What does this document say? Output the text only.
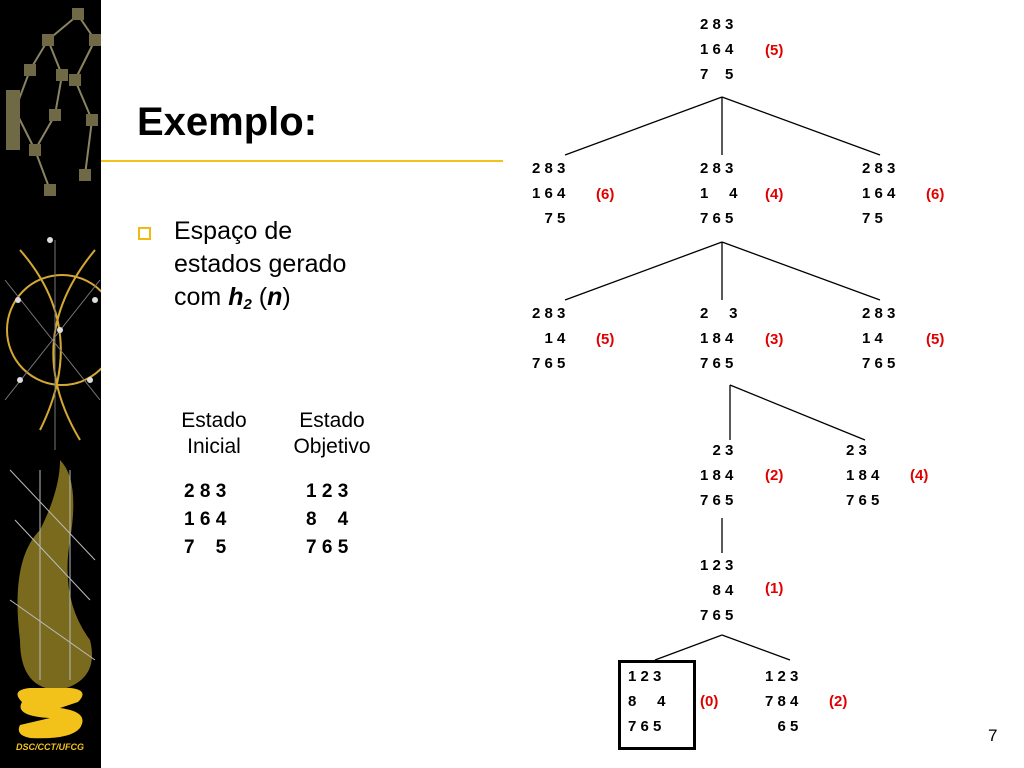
DSC/CCT/UFCG
Exemplo:
Espaço de
estados gerado
com $h_2$ (n)
Estado
Inicial
Estado
Objetivo
2 8 3
1 6 4
7    5
1 2 3
8    4
7 6 5
2 8 3
1 6 4
7    5
(5)
2 8 3
1 6 4
7 5
(6)
2 8 3
1     4
7 6 5
(4)
2 8 3
1 6 4
7 5
(6)
2 8 3
1 4
7 6 5
(5)
2     3
1 8 4
7 6 5
(3)
2 8 3
1 4
7 6 5
(5)
2 3
1 8 4
7 6 5
(2)
2 3
1 8 4
7 6 5
(4)
1 2 3
8 4
7 6 5
(1)
1 2 3
8     4
7 6 5
(0)
1 2 3
7 8 4
6 5
(2)
7
